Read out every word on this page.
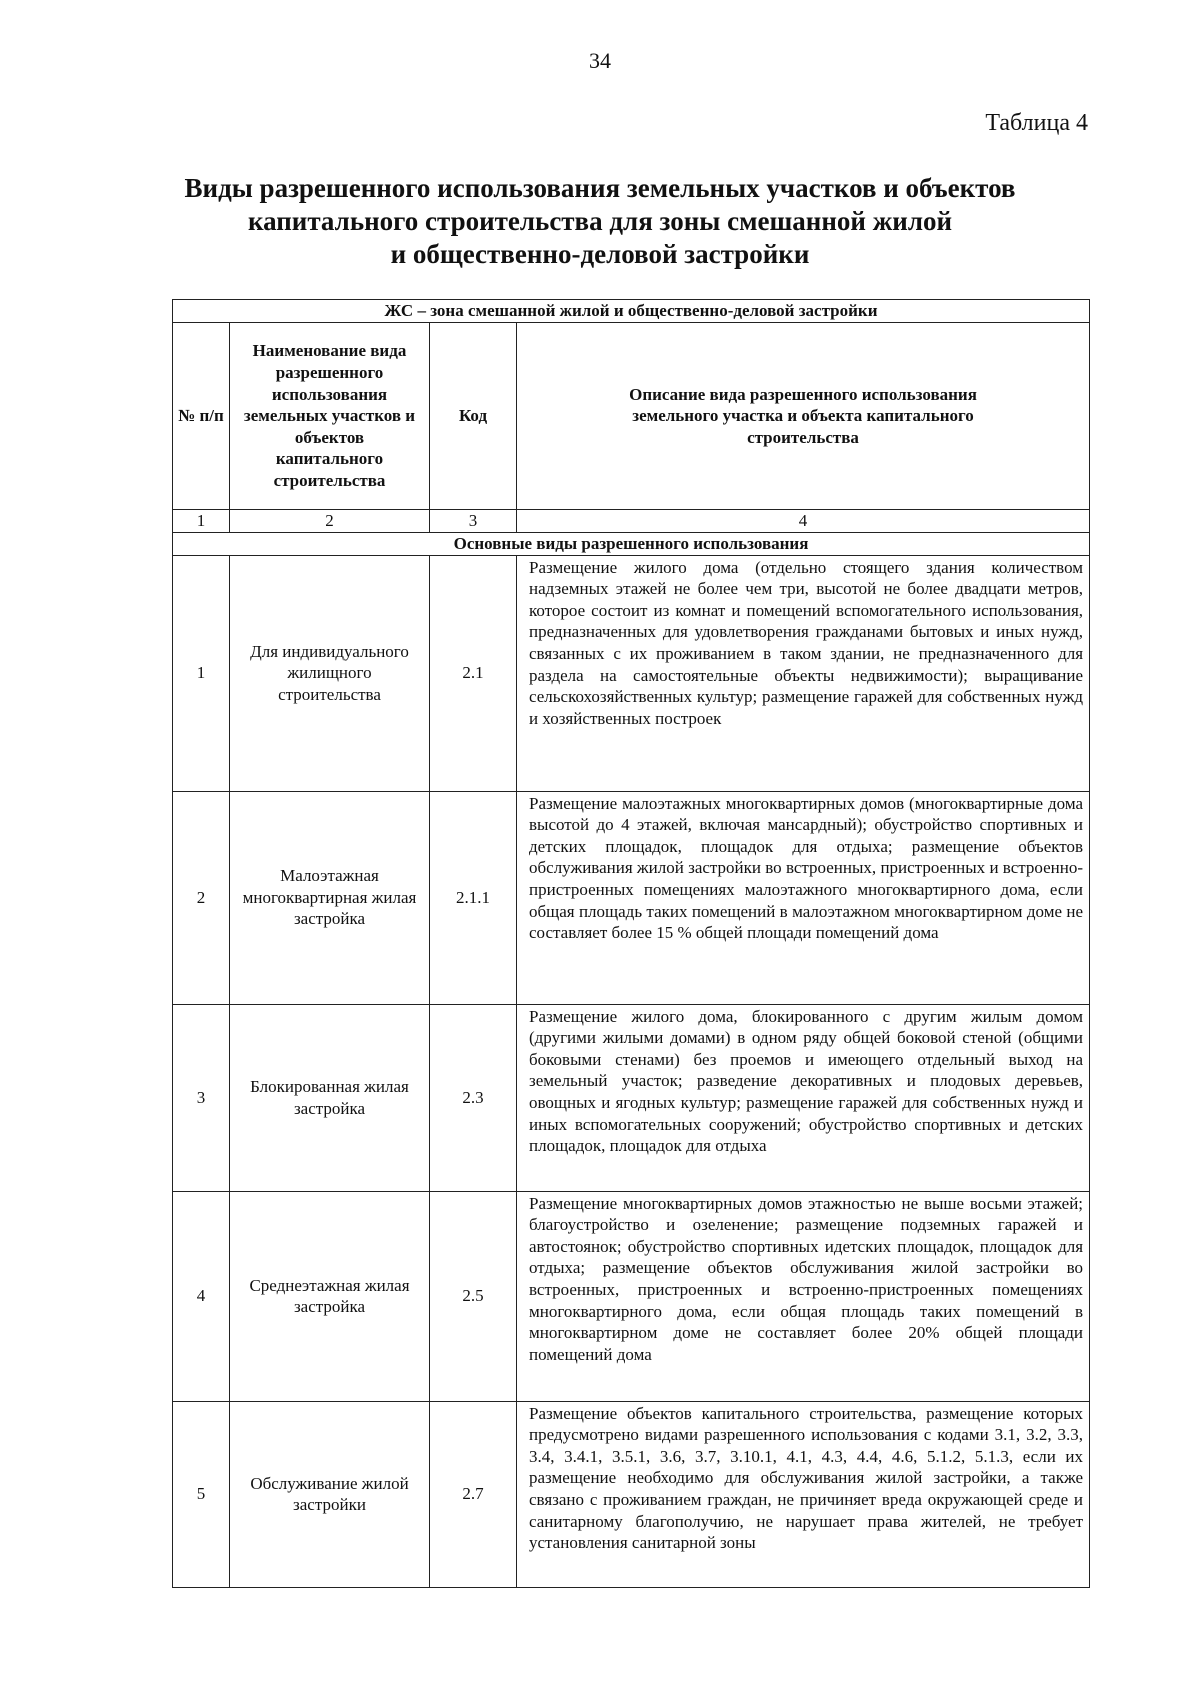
34
Таблица 4
Виды разрешенного использования земельных участков и объектов
капитального строительства для зоны смешанной жилой
и общественно-деловой застройки
ЖС – зона смешанной жилой и общественно-деловой застройки			
№ п/п	Наименование вида разрешенного использования земельных участков и объектов капитального строительства	Код	Описание вида разрешенного использования земельного участка и объекта капитального строительства
1	2	3	4
Основные виды разрешенного использования			
1	Для индивидуального жилищного строительства	2.1	Размещение жилого дома (отдельно стоящего здания количеством надземных этажей не более чем три, высотой не более двадцати метров, которое состоит из комнат и помещений вспомогательного использования, предназначенных для удовлетворения гражданами бытовых и иных нужд, связанных с их проживанием в таком здании, не предназначенного для раздела на самостоятельные объекты недвижимости); выращивание сельскохозяйственных культур; размещение гаражей для собственных нужд и хозяйственных построек
2	Малоэтажная многоквартирная жилая застройка	2.1.1	Размещение малоэтажных многоквартирных домов (многоквартирные дома высотой до 4 этажей, включая мансардный); обустройство спортивных и детских площадок, площадок для отдыха; размещение объектов обслуживания жилой застройки во встроенных, пристроенных и встроенно-пристроенных помещениях малоэтажного многоквартирного дома, если общая площадь таких помещений в малоэтажном многоквартирном доме не составляет более 15 % общей площади помещений дома
3	Блокированная жилая застройка	2.3	Размещение жилого дома, блокированного с другим жилым домом (другими жилыми домами) в одном ряду общей боковой стеной (общими боковыми стенами) без проемов и имеющего отдельный выход на земельный участок; разведение декоративных и плодовых деревьев, овощных и ягодных культур; размещение гаражей для собственных нужд и иных вспомогательных сооружений; обустройство спортивных и детских площадок, площадок для отдыха
4	Среднеэтажная жилая застройка	2.5	Размещение многоквартирных домов этажностью не выше восьми этажей; благоустройство и озеленение; размещение подземных гаражей и автостоянок; обустройство спортивных идетских площадок, площадок для отдыха; размещение объектов обслуживания жилой застройки во встроенных, пристроенных и встроенно-пристроенных помещениях многоквартирного дома, если общая площадь таких помещений в многоквартирном доме не составляет более 20% общей площади помещений дома
5	Обслуживание жилой застройки	2.7	Размещение объектов капитального строительства, размещение которых предусмотрено видами разрешенного использования с кодами 3.1, 3.2, 3.3, 3.4, 3.4.1, 3.5.1, 3.6, 3.7, 3.10.1, 4.1, 4.3, 4.4, 4.6, 5.1.2, 5.1.3, если их размещение необходимо для обслуживания жилой застройки, а также связано с проживанием граждан, не причиняет вреда окружающей среде и санитарному благополучию, не нарушает права жителей, не требует установления санитарной зоны
